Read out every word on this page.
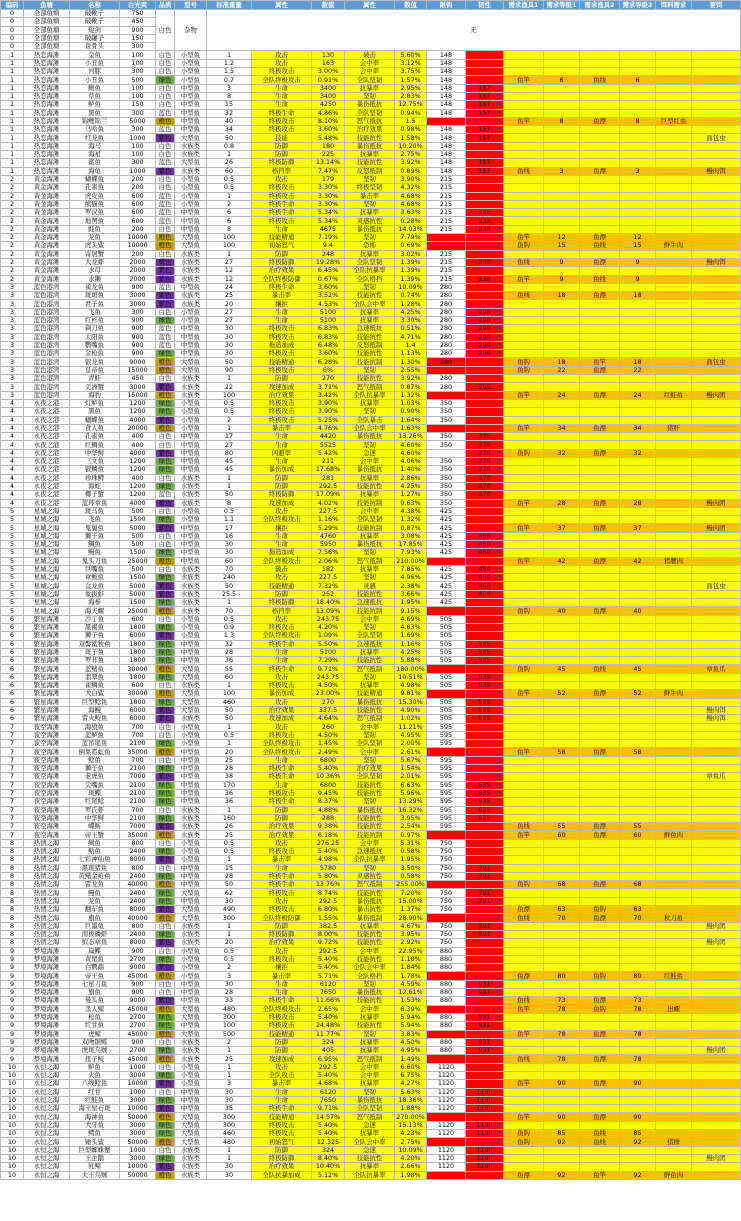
编码	鱼塘	名称	白光卖	品质	型号	标准重量	属性	数值	属性	数值	限钩	韧性	需求渔具1	需求等级1	需求渔具2	需求等级2	饵料需求	要饵
0	全部鱼塘	破靴子	750	白色	杂物	无												
0	全部鱼塘	破靴子	450															
0	全部鱼塘	短剑	900															
0	全部鱼塘	破罐子	150															
0	全部鱼塘	鱼骨头	300															
1	热恋海滩	金鱼	100	白色	小型鱼	1	攻击	130	破击	5.60%	148							
1	热恋海滩	小丑鱼	100	白色	小型鱼	1.2	攻击	163	会中率	3.12%	148							
1	热恋海滩	河豚	300	白色	小型鱼	1.5	终极攻击	3.00%	会中率	3.75%	148							
1	热恋海滩	小丑鱼	500	绿色	小型鱼	0.7	全队终极攻击	0.91%	全队坚韧	1.57%	148		鱼竿	6	鱼线	6		
1	热恋海滩	鲍鱼	100	白色	中型鱼	3	生命	3400	抗暴率	2.95%	148	157						
1	热恋海滩	草鱼	100	白色	中型鱼	8	生命	3400	坚韧	2.83%	148	157						
1	热恋海滩	鲈鱼	150	白色	中型鱼	15	生命	4250	暴伤抵抗	12.75%	148	157						
1	热恋海滩	黑鱼	300	蓝色	中型鱼	32	终极生命	4.86%	全队坚韧	0.94%	148	157						
1	热恋海滩	锦鲤锦兰	5000	橙色	中型鱼	40	终极攻击	8.10%	怒气抵抗	1.5			鱼竿	8	鱼漂	8	巨型红虫	
1	热恋海滩	马哈鱼	300	蓝色	中型鱼	34	终极攻击	3.60%	治疗效果	0.98%	148	157						
1	热恋海滩	红龙鱼	1000	紫色	大型鱼	50	技能	5.48%	技能抗性	1.58%	148	157						面包虫
1	热恋海滩	海马	100	白色	水族类	0.8	防御	180	暴伤抵抗	10.20%	148							
1	热恋海滩	海星	100	白色	水族类	1	防御	225	抗暴率	2.75%	148							
1	热恋海滩	鲨鱼	300	蓝色	大型鱼	26	终极防御	13.14%	技能抗性	3.92%	148	157						
1	热恋海滩	海龟	1000	紫色	水族类	60	格挡率	7.47%	反怒抵制	0.89%	148	157	鱼线	3	鱼漂	3		鳗肉饵
2	黄金海滩	蝴蝶鱼	200	白色	小型鱼	0.5	攻击	179	坚韧	3.90%	215							
2	黄金海滩	孔雀鱼	200	白色	小型鱼	0.5	终极攻击	3.30%	终极坚韧	4.32%	215							
2	黄金海滩	虎皮鱼	600	蓝色	小型鱼	1	终极攻击	3.30%	暴击率	4.68%	215							
2	黄金海滩	熊猫鱼	600	蓝色	小型鱼	2	终极生命	3.30%	坚韧	4.68%	215							
2	黄金海滩	罗汉鱼	600	蓝色	中型鱼	6	终极生命	5.34%	抗暴率	3.63%	215	230						
2	黄金海滩	地图鱼	600	蓝色	中型鱼	6	终极攻击	5.34%	灵感抗性	0.28%	215	230						
2	黄金海滩	鲑鱼	200	白色	中型鱼	8	生命	4675	暴伤抵抗	14.03%	215	230						
2	黄金海滩	龙鱼	10000	橙色	大型鱼	100	技能精通	7.19%	坚韧	7.79%			鱼竿	12	鱼漂	12		
2	黄金海滩	虎头鲨	10000	橙色	大型鱼	100	初始怒气	9.4	恐怖	0.69%			鱼钩	15	鱼线	15	鲜牛肉	
2	黄金海滩	寄居蟹	200	白色	水族类	1	防御	248	抗暴率	3.02%	215							
2	黄金海滩	大龙虾	2000	紫色	水族类	27	终极防御	19.28%	全队坚韧	1.39%	215	230	鱼线	9	鱼漂	9		鳗肉饵
2	黄金海滩	水母	2000	紫色	水族类	12	治疗效果	6.45%	全队抗暴率	1.39%	215							
2	黄金海滩	水獭	2000	紫色	水族类	12	全队终极防御	0.67%	全队格挡	1.39%	215	230	鱼竿	9	鱼线	9		
3	蓝色港湾	雀龙鱼	900	蓝色	中型鱼	24	终极生命	3.60%	坚韧	10.09%	280							
3	蓝色港湾	斑斑鱼	3000	紫色	水族类	25	暴击率	3.52%	技能抗性	0.74%	280		鱼线	18	鱼漂	18		
3	蓝色港湾	君子鱼	3000	紫色	水族类	20	攘拒	4.53%	全队会中率	1.28%	280							
3	蓝色港湾	飞鱼	300	白色	小型鱼	27	生命	5100	抗暴率	4.25%	280	290						
3	蓝色港湾	红杉鱼	900	绿色	小型鱼	27	生命	5100	抗暴率	3.30%	280	290						
3	蓝色港湾	剃刀鱼	900	蓝色	中型鱼	30	终极攻击	6.83%	急速抵抗	0.51%	280	290						
3	蓝色港湾	太阳鱼	900	蓝色	中型鱼	30	终极攻击	6.83%	技能抗性	4.71%	280	290						
3	蓝色港湾	鹦嘴鱼	900	蓝色	中型鱼	30	拖造加成	6.48%	反怒抵制	1.4	280	290						
3	蓝色港湾	金枪鱼	900	绿色	中型鱼	30	终极攻击	3.60%	技能抗性	1.13%	280	290						
3	蓝色港湾	银龙鱼	9000	橙色	大型鱼	50	技能精通	6.28%	技能抗制	1.30%	280		鱼钩	18	鱼竿	18		面包虫
3	蓝色港湾	皇帝鱼	15000	橙色	大型鱼	90	终极攻击	6%	坚韧	2.55%			鱼钩	22	鱼漂	22		
3	蓝色港湾	青蛙	450	白色	水族类	1	防御	270	技能抗性	3.92%	280							
3	蓝色港湾	美洲蟹	3000	紫色	水族类	22	攻速加成	3.71%	怒气抵制	0.87%	280	290						
3	蓝色港湾	海豹	15000	橙色	水族类	100	治疗效果	3.42%	全队抗暴率	1.32%			鱼竿	24	鱼漂	24	红鲑鱼	鳗肉团
4	永夜之港	灯鲈鱼	1200	绿色	小型鱼	0.5	终极攻击	3.90%	抗暴率	1.03%	350							
4	永夜之港	黑鱼	1200	绿色	小型鱼	0.5	终极攻击	3.90%	坚韧	0.90%	350							
4	永夜之港	蝴蝶鱼	4000	紫色	小型鱼	2	终极攻击	5.25%	全队暴击	1.64%	350							
4	永夜之港	食人鱼	20000	橙色	小型鱼	1	暴击率	4.76%	全队会中率	1.63%			鱼竿	34	鱼漂	34	猪肝	
4	永夜之港	孔雀鱼	400	白色	中型鱼	17	生命	4420	暴伤抵抗	13.26%	350	370						
4	永夜之港	红鲷鱼	400	白色	中型鱼	27	生命	5525	坚韧	4.60%	350	370						
4	永夜之港	中华鲟	4000	紫色	中型鱼	80	闪避率	5.42%	急速	4.60%		370	鱼钩	32	鱼漂	32		
4	永夜之港	三文鱼	1200	绿色	中型鱼	45	生命	211	会中率	4.06%	350	370						
4	永夜之港	银鳞鱼	1200	绿色	中型鱼	45	暴伤加成	17.68%	暴伤抵抗	1.40%	350	370						
4	永夜之港	珍珠鳟	400	白色	水族类	1	防御	281	抗暴率	2.86%	350	370						
4	永夜之港	海蛇	1200	绿色	水族类	1	防御	292.5	技能抗性	4.25%	350	370						
4	永夜之港	椰子蟹	1200	蓝色	水族类	50	终极防御	17.09%	抗暴率	1.27%	350	370						
4	永夜之港	蓝环章鱼	4000	紫色	水族类	8	攻速加成	4.02%	技能抗制	0.63%	350		鱼竿	28	鱼漂	28		鳗肉团
5	星城之海	斑马鱼	500	白色	小型鱼	0.5	攻击	227.5	会中率	4.38%	425							
5	星城之海	飞鱼	1500	绿色	小型鱼	1.1	全队终极攻击	1.16%	全队坚韧	1.32%	425							
5	星城之海	鬼翼鱼	5000	紫色	中型鱼	17	攘拒	5.29%	技能抗制	0.87%	425		鱼竿	37	鱼漂	37		鳗肉团
5	星城之海	狮子鱼	500	白色	中型鱼	16	生命	4760	抗暴率	3.08%	425	450						
5	星城之海	鲷鱼	500	白色	中型鱼	30	生命	5950	暴伤抵抗	17.85%	425	450						
5	星城之海	鳗鱼	1500	绿色	中型鱼	30	拖造加成	7.56%	坚韧	7.93%	425	450						
5	星城之海	鬼头刀鱼	25000	橙色	中型鱼	60	全队终极攻击	2.06%	怒气抵制	210.00%			鱼竿	42	鱼漂	42	猪腰肉	
5	星城之海	巨嘴鱼	500	白色	水族类	70	破击	182	抗暴率	7.85%	425	450						
5	星城之海	章鲅鱼	1500	绿色	水族类	240	攻击	227.5	坚韧	4.96%	425	450						
5	星城之海	金龙鱼	5000	紫色	水族类	50	技能精通	7.32%	灵感	2.38%	425	450						面包虫
5	星城之海	象拔蚌	5000	紫色	水族类	25.5	防御	252	技能抗性	3.66%	425	450						
5	星城之海	海参	1500	绿色	水族类	1	终极防御	18.40%	急速抵抗	1.95%	425							
5	星城之海	海天螺	25000	橙色	水族类	70	格挡率	13.09%	技能抗制	9.15%			鱼钩	40	鱼漂	40		
6	繁星海滩	沙丁鱼	600	白色	小型鱼	0.5	攻击	243.75	会中率	4.69%	505							
6	繁星海滩	黑褐鱼	1800	绿色	小型鱼	0.9	终极攻击	4.20%	坚韧	4.63%	505							
6	繁星海滩	狮子鱼	6000	紫色	小型鱼	1.3	全队终极攻击	1.09%	全队坚韧	1.69%	505							
6	繁星海滩	双髻鲨秋鱼	1800	绿色	中型鱼	32	终极生命	5.50%	急速抵抗	1.16%	505	535						
6	繁星海滩	斑子鱼	1800	绿色	中型鱼	28	生命	5100	抗暴率	4.25%	505	535						
6	繁星海滩	罗非鱼	1800	绿色	中型鱼	36	生命	7.29%	技能抗性	5.88%	505	535						
6	繁星海滩	蓝鳍鱼	30000	橙色	大型鱼	55	终极生命	9.71%	怒气抵制	180.00%			鱼钩	45	鱼线	45		章鱼爪
6	繁星海滩	翡翠鱼	1800	绿色	大型鱼	60	攻击	243.75	坚韧	10.51%	505	535						
6	繁星海滩	雀鲷鱼	600	白色	水族类	1	终极攻击	4.50%	抗暴率	4.98%	505	535						
6	繁星海滩	大白鲨	30000	橙色	大型鱼	100	暴伤加成	23.00%	技能精通	9.81%			鱼竿	52	鱼漂	52	鲜牛肉	
6	繁星海滩	巨型鲶鱼	1800	绿色	大型鱼	460	攻击	270	暴伤抵抗	15.30%	505	535						
6	繁星海滩	海鳗	6000	紫色	大型鱼	50	治疗效果	337.5	技能抗性	4.90%	505	535						鳗肉饵
6	繁星海滩	雷火鲛鱼	6000	紫色	水族类	50	攻速加成	4.64%	怒气抵制	1.02%	505	535						鳗肉饵
7	夜空海滩	海狼鱼	700	白色	小型鱼	1	攻击	260	会中率	11.21%	595							
7	夜空海滩	蓝鲈鱼	700	白色	小型鱼	0.5	终极攻击	4.50%	坚韧	4.95%	595							
7	夜空海滩	蓝吊尾鱼	2100	绿色	小型鱼	1	全队终极攻击	1.45%	全队坚韧	2.00%	595							
7	夜空海滩	倒果霓虹鱼	35000	橙色	中型鱼	20	全队终极攻击	2.49%	会中率	2.61%			鱼竿	58	鱼漂	58		
7	夜空海滩	鲶鱼	700	白色	中型鱼	25	生命	6800	坚韧	5.67%	595							
7	夜空海滩	狮子鱼	2100	绿色	中型鱼	28	终极生命	5.40%	治疗效果	1.54%	595							
7	夜空海滩	老虎鱼	7000	紫色	中型鱼	38	终极生命	10.36%	全队坚韧	2.01%	595							章鱼爪
7	夜空海滩	尖嘴鱼	2100	绿色	中型鱼	170	生命	6800	技能抗性	6.63%	595	635						
7	夜空海滩	斑鲽	2100	绿色	中型鱼	36	终极攻击	9.45%	技能抗性	5.96%	595	635						
7	夜空海滩	红尾鲶	2100	绿色	中型鱼	36	终极生命	8.37%	坚韧	13.29%	595	635						
7	夜空海滩	罗氏虾	700	白色	水族类	1	防御	4.88%	暴伤抵抗	16.32%	595	635						
7	夜空海滩	中华鲟	2100	绿色	水族类	160	防御	288	技能抗性	3.95%	595	635						
7	夜空海滩	蝶鲂	7000	紫色	水族类	26	治疗效果	9.38%	技能抗性	2.54%	595		鱼线	55	鱼漂	55		
7	夜空海滩	帝王蟹	35000	橙色	水族类	25	治疗效果	6.18%	技能抗制	0.97%			鱼竿	60	鱼漂	60	鲜鱼肉	
8	热情之海	鲥鱼	800	白色	小型鱼	0.5	攻击	276.25	会中率	5.31%	750							
8	热情之海	鲇鱼	2400	绿色	小型鱼	0.5	终极攻击	5.40%	急速抵抗	0.58%	750							
8	热情之海	七彩神仙鱼	8000	紫色	小型鱼	1	暴击率	4.98%	全队抗暴率	1.95%	750							
8	热情之海	黑斑猪鱼	800	白色	中型鱼	15	生命	5780	坚韧	3.50%	750	791						
8	热情之海	黄鳍金枪鱼	2400	绿色	中型鱼	28	终极生命	5.80%	灵感抗性	0.58%	750	791						
8	热情之海	雷龙鱼	40000	橙色	中型鱼	50	终极生命	13.76%	怒气抵制	255.00%			鱼钩	68	鱼漂	68		
8	热情之海	鳗鱼	2400	绿色	大型鱼	62	终极攻击	8.74%	技能抗性	7.20%	750	791						
8	热情之海	龙鱼	2400	绿色	中型鱼	30	攻击	292.5	暴伤抵抗	15.00%	750	791						
8	热情之海	翻车鱼	8000	紫色	大型鱼	490	终极攻击	6.80%	暴击抗性	1.37%	750		鱼漂	63	鱼钩	63		
8	热情之海	旗鱼	40000	橙色	大型鱼	300	全队终极防御	1.55%	暴伤抵制	28.90%			鱼线	70	鱼漂	70	秋刀鱼	
8	热情之海	巨墨龟	800	白色	水族类	1	防御	382.5	抗暴率	4.67%	750	791						鳗肉团
8	热情之海	南极磷虾	2400	绿色	水族类	1	终极防御	8.00%	技能抗性	3.95%	750	791						
8	热情之海	拟态章鱼	8000	紫色	水族类	20	治疗效果	9.72%	技能抗性	2.92%	750							鳗肉团
9	梦境海滩	扁鲽	900	白色	小型鱼	0.5	攻击	292.5	会中率	22.95%	880							
9	梦境海滩	黄尾鱼	2700	绿色	小型鱼	0.5	终极攻击	5.40%	技能抗性	1.18%	880							
9	梦境海滩	白鹦鹉	9000	紫色	小型鱼	2	攘拒	5.40%	全队会中率	1.84%	880							
9	梦境海滩	帝王鱼	45000	橙色	小型鱼	3	暴击率	5.71%	全队格挡	1.78%			鱼漂	80	鱼钩	80	红鲑鱼	
9	梦境海滩	七星刀鱼	900	白色	中型鱼	30	生命	6120	坚韧	4.59%	880	931						
9	梦境海滩	旗鱼	900	白色	中型鱼	28	生命	7650	暴伤抵抗	12.61%	880	931						
9	梦境海滩	曼头鱼	9000	紫色	中型鱼	33	终极生命	11.66%	技能抗性	1.53%	880		鱼线	73	鱼漂	73		
9	梦境海滩	杀人鲸	45000	橙色	大型鱼	480	全队终极攻击	2.65%	会中率	6.39%			鱼竿	78	鱼钩	78	田螺	
9	梦境海滩	枪鱼	2700	绿色	大型鱼	300	终极攻击	5.40%	抗暴率	5.94%	880	931						
9	梦境海滩	红甘鱼	2700	绿色	中型鱼	100	终极攻击	24.48%	技能抗性	5.94%	880	931						
9	梦境海滩	虎鲸	45000	橙色	大型鱼	500	技能精通	11.77%	坚韧	3.83%			鱼竿	78	鱼漂	78		
9	梦境海滩	双吻锯鳐	900	白色	水族类	2	防御	324	抗暴率	4.50%	880	931						
9	梦境海滩	虎斑乌贼	2700	绿色	水族类	1	防御	405	抗暴率	4.95%	880	931						鳗肉团
9	梦境海滩	扭子鲛	45000	橙色	水族类	25	攻速加成	6.95%	怒气抵制	1.49%			鱼线	78	鱼漂	78		
10	永恒之海	鲈鱼	1000	白色	小型鱼	1	攻击	292.5	会中率	6.60%	1120							
10	永恒之海	火鱼	3000	绿色	小型鱼	1	全队攻击	5.40%	会中率	6.75%	1120							
10	永恒之海	八线鲶鱼	10000	紫色	小型鱼	3	暴击率	4.68%	抗暴率	4.27%	1120		鱼竿	90	鱼漂	90		
10	永恒之海	红甘	1000	白色	中型鱼	30	生命	6120	坚韧	5.63%	1120	1190						
10	永恒之海	红鲑鱼	3000	绿色	中型鱼	30	生命	7650	暴伤抵抗	18.36%	1120	1190						
10	永恒之海	海王星石斑	10000	紫色	中型鱼	35	终极生命	9.71%	全队坚韧	1.88%	1120	1190						
10	永恒之海	海神鱼	50000	橙色	大型鱼	300	技能精通	14.57%	怒气抵制	270.00%			鱼竿	90	鱼漂	90		
10	永恒之海	大牙鱼	3000	绿色	大型鱼	300	终极攻击	5.40%	急速	15.13%	1120	1190						
10	永恒之海	鳄鱼	3000	绿色	大型鱼	460	终极攻击	5.40%	抗暴率	4.23%	1120	1190	鱼钩	85	鱼线	85		
10	永恒之海	锤头鲨	50000	橙色	大型鱼	480	初始怒气	12.325	全队会中率	2.75%			鱼钩	92	鱼线	92	猪排	
10	永恒之海	巨型蜘蛛蟹	1000	白色	水族类	1	防御	324	急速	10.09%	1120	1190						
10	永恒之海	王企鹅	3000	绿色	水族类	1	终极防御	8.40%	技能抗性	4.20%	1120	1190						鳗肉团
10	永恒之海	乳鲸	10000	紫色	水族类	30	治疗效果	10.40%	抗暴率	2.66%	1120	1190						
10	永恒之海	大王乌贼	50000	橙色	水族类	30	全队抗暴加成	5.12%	全队抗暴率	1.98%			鱼漂	92	鱼竿	92	鲜鱼肉	
